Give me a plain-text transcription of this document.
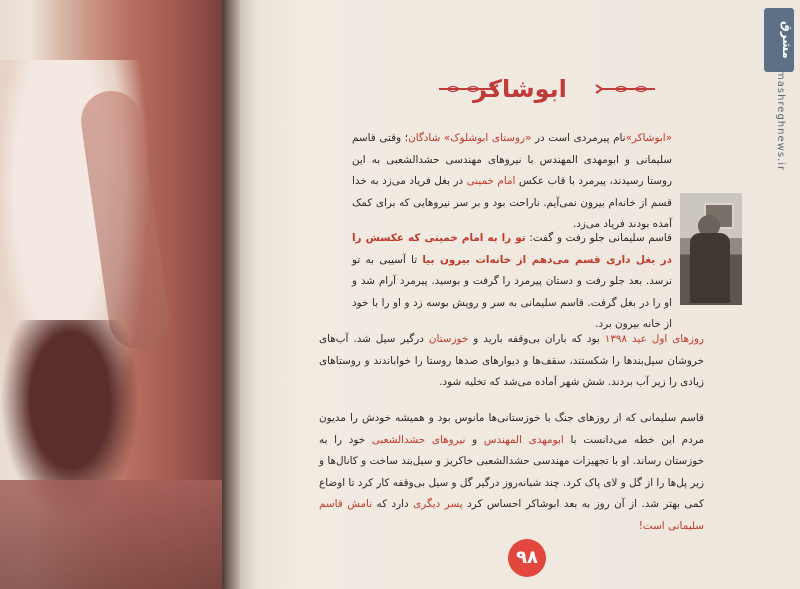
مشرق
mashreghnews.ir
ابوشاکر

«ابوشاکر»نام پیرمردی است در «روستای ابوشلوک» شادگان؛ وقتی قاسم سلیمانی و ابومهدی المهندس با نیروهای مهندسی حشدالشعبی به این روستا رسیدند، پیرمرد با قاب عکس امام خمینی در بغل فریاد می‌زد به خدا قسم از خانه‌ام بیرون نمی‌آیم. ناراحت بود و بر سر نیروهایی که برای کمک آمده بودند فریاد می‌زد.

قاسم سلیمانی جلو رفت و گفت: تو را به امام خمینی که عکسش را در بغل داری قسم می‌دهم از خانه‌ات بیرون بیا تا آسیبی به تو نرسد. بعد جلو رفت و دستان پیرمرد را گرفت و بوسید. پیرمرد آرام شد و او را در بغل گرفت. قاسم سلیمانی به سر و رویش بوسه زد و او را با خود از خانه بیرون برد.

روزهای اول عید ۱۳۹۸ بود که باران بی‌وقفه بارید و خوزستان درگیر سیل شد. آب‌های خروشان سیل‌بندها را شکستند، سقف‌ها و دیوارهای صدها روستا را خواباندند و روستاهای زیادی را زیر آب بردند. شش شهر آماده می‌شد که تخلیه شود.

قاسم سلیمانی که از روزهای جنگ با خوزستانی‌ها مانوس بود و همیشه خودش را مدیون مردم این خطه می‌دانست با ابومهدی المهندس و نیروهای حشدالشعبی خود را به خوزستان رساند. او با تجهیزات مهندسی حشدالشعبی خاکریز و سیل‌بند ساخت و کانال‌ها و زیر پل‌ها را از گل و لای پاک کرد. چند شبانه‌روز درگیر گل و سیل بی‌وقفه کار کرد تا اوضاع کمی بهتر شد. از آن روز به بعد ابوشاکر احساس کرد پسر دیگری دارد که نامش قاسم سلیمانی است!

۹۸
